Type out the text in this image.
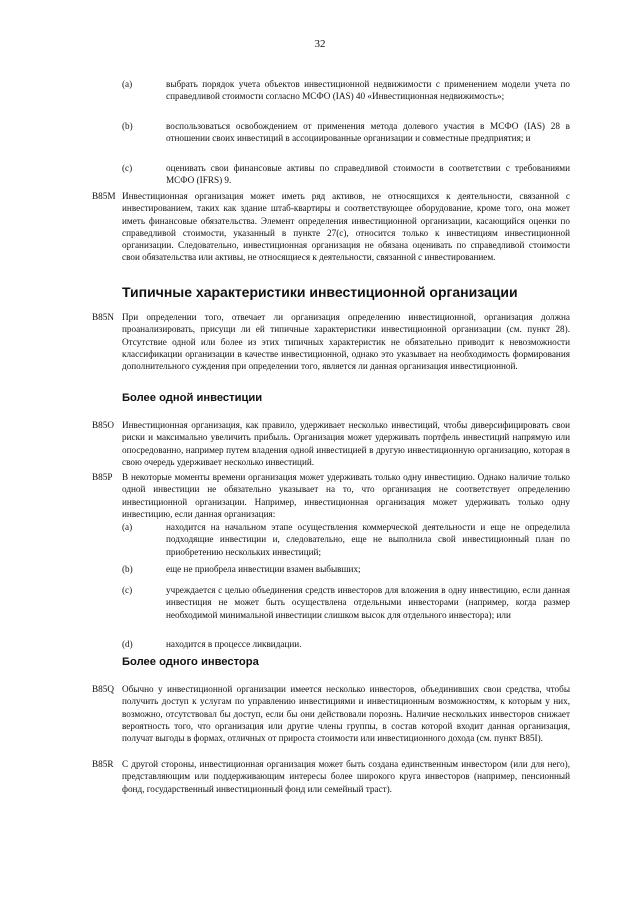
32
(a)	выбрать порядок учета объектов инвестиционной недвижимости с применением модели учета по справедливой стоимости согласно МСФО (IAS) 40 «Инвестиционная недвижимость»;
(b)	воспользоваться освобождением от применения метода долевого участия в МСФО (IAS) 28 в отношении своих инвестиций в ассоциированные организации и совместные предприятия; и
(c)	оценивать свои финансовые активы по справедливой стоимости в соответствии с требованиями МСФО (IFRS) 9.
B85M Инвестиционная организация может иметь ряд активов, не относящихся к деятельности, связанной с инвестированием, таких как здание штаб-квартиры и соответствующее оборудование, кроме того, она может иметь финансовые обязательства. Элемент определения инвестиционной организации, касающийся оценки по справедливой стоимости, указанный в пункте 27(c), относится только к инвестициям инвестиционной организации. Следовательно, инвестиционная организация не обязана оценивать по справедливой стоимости свои обязательства или активы, не относящиеся к деятельности, связанной с инвестированием.
Типичные характеристики инвестиционной организации
B85N При определении того, отвечает ли организация определению инвестиционной, организация должна проанализировать, присущи ли ей типичные характеристики инвестиционной организации (см. пункт 28). Отсутствие одной или более из этих типичных характеристик не обязательно приводит к невозможности классификации организации в качестве инвестиционной, однако это указывает на необходимость формирования дополнительного суждения при определении того, является ли данная организация инвестиционной.
Более одной инвестиции
B85O Инвестиционная организация, как правило, удерживает несколько инвестиций, чтобы диверсифицировать свои риски и максимально увеличить прибыль. Организация может удерживать портфель инвестиций напрямую или опосредованно, например путем владения одной инвестицией в другую инвестиционную организацию, которая в свою очередь удерживает несколько инвестиций.
B85P	В некоторые моменты времени организация может удерживать только одну инвестицию. Однако наличие только одной инвестиции не обязательно указывает на то, что организация не соответствует определению инвестиционной организации. Например, инвестиционная организация может удерживать только одну инвестицию, если данная организация:
(a)	находится на начальном этапе осуществления коммерческой деятельности и еще не определила подходящие инвестиции и, следовательно, еще не выполнила свой инвестиционный план по приобретению нескольких инвестиций;
(b)	еще не приобрела инвестиции взамен выбывших;
(c)	учреждается с целью объединения средств инвесторов для вложения в одну инвестицию, если данная инвестиция не может быть осуществлена отдельными инвесторами (например, когда размер необходимой минимальной инвестиции слишком высок для отдельного инвестора); или
(d)	находится в процессе ликвидации.
Более одного инвестора
B85Q Обычно у инвестиционной организации имеется несколько инвесторов, объединивших свои средства, чтобы получить доступ к услугам по управлению инвестициями и инвестиционным возможностям, к которым у них, возможно, отсутствовал бы доступ, если бы они действовали порознь. Наличие нескольких инвесторов снижает вероятность того, что организация или другие члены группы, в состав которой входит данная организация, получат выгоды в формах, отличных от прироста стоимости или инвестиционного дохода (см. пункт B85I).
B85R С другой стороны, инвестиционная организация может быть создана единственным инвестором (или для него), представляющим или поддерживающим интересы более широкого круга инвесторов (например, пенсионный фонд, государственный инвестиционный фонд или семейный траст).
